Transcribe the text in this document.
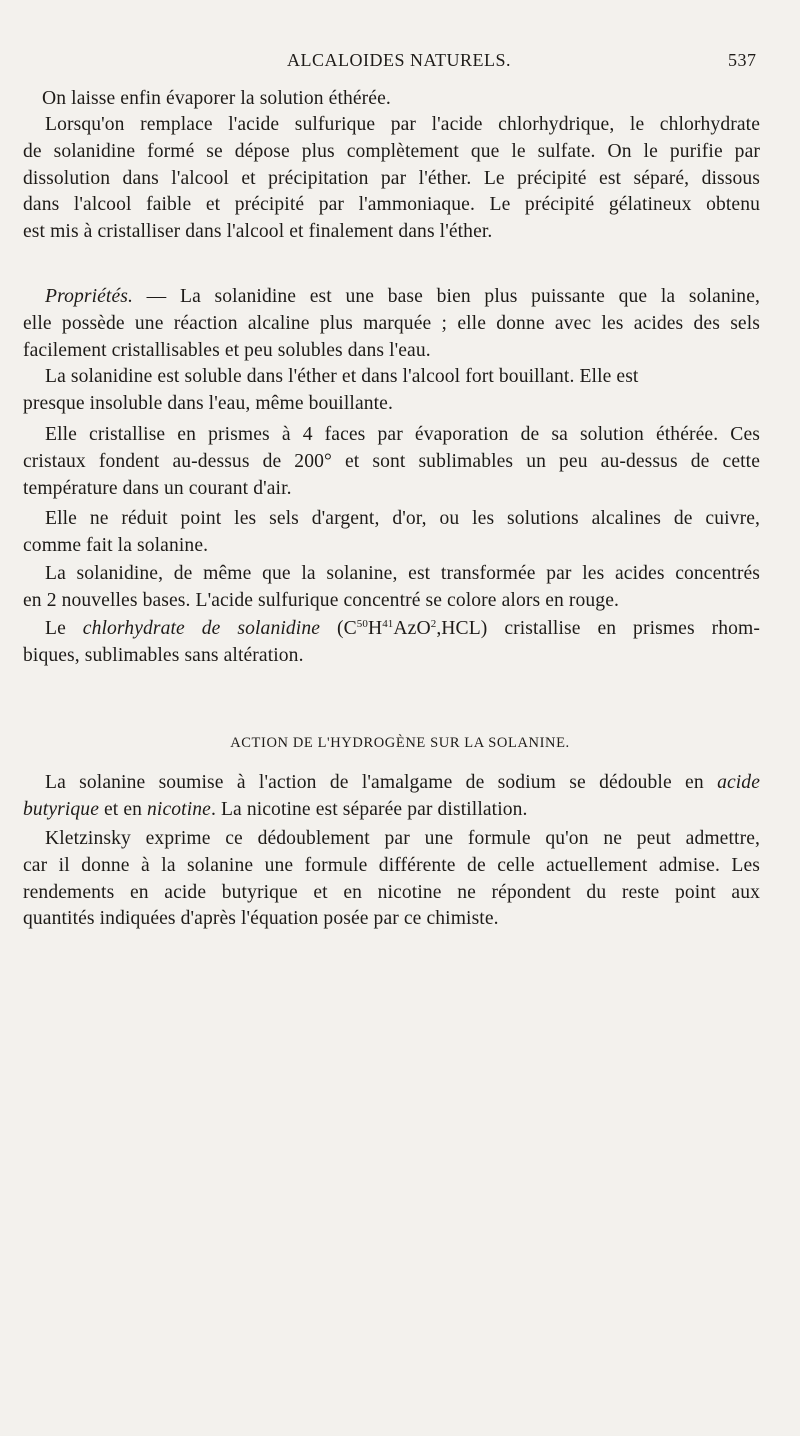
ALCALOIDES NATURELS.	537
On laisse enfin évaporer la solution éthérée.
Lorsqu'on remplace l'acide sulfurique par l'acide chlorhydrique, le chlorhydrate
de solanidine formé se dépose plus complètement que le sulfate. On le purifie par
dissolution dans l'alcool et précipitation par l'éther. Le précipité est séparé, dissous
dans l'alcool faible et précipité par l'ammoniaque. Le précipité gélatineux obtenu
est mis à cristalliser dans l'alcool et finalement dans l'éther.
Propriétés. — La solanidine est une base bien plus puissante que la solanine,
elle possède une réaction alcaline plus marquée ; elle donne avec les acides des sels
facilement cristallisables et peu solubles dans l'eau.
La solanidine est soluble dans l'éther et dans l'alcool fort bouillant. Elle est
presque insoluble dans l'eau, même bouillante.
Elle cristallise en prismes à 4 faces par évaporation de sa solution éthérée. Ces
cristaux fondent au-dessus de 200° et sont sublimables un peu au-dessus de cette
température dans un courant d'air.
Elle ne réduit point les sels d'argent, d'or, ou les solutions alcalines de cuivre,
comme fait la solanine.
La solanidine, de même que la solanine, est transformée par les acides concentrés
en 2 nouvelles bases. L'acide sulfurique concentré se colore alors en rouge.
Le chlorhydrate de solanidine $(C^{50}H^{41}AzO^2,HCL)$ cristallise en prismes rhom-
biques, sublimables sans altération.
ACTION DE L'HYDROGÈNE SUR LA SOLANINE.
La solanine soumise à l'action de l'amalgame de sodium se dédouble en acide
butyrique et en nicotine. La nicotine est séparée par distillation.
Kletzinsky exprime ce dédoublement par une formule qu'on ne peut admettre,
car il donne à la solanine une formule différente de celle actuellement admise. Les
rendements en acide butyrique et en nicotine ne répondent du reste point aux
quantités indiquées d'après l'équation posée par ce chimiste.
